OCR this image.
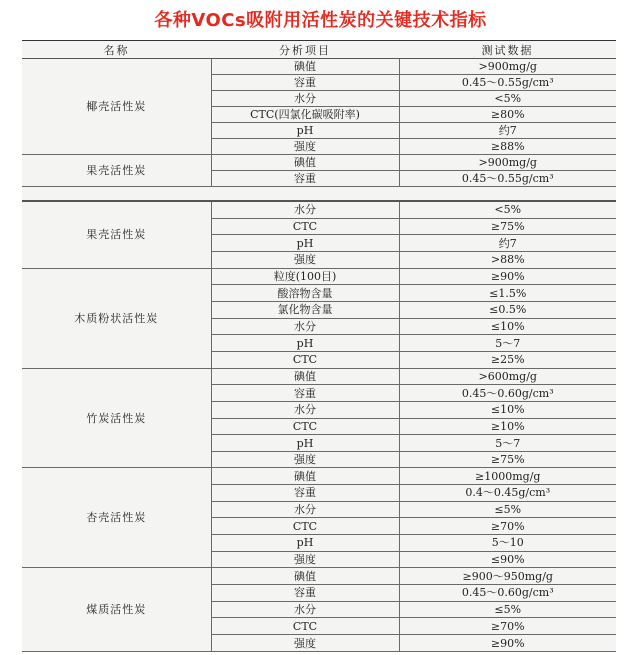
各种VOCs吸附用活性炭的关键技术指标
名称	分析项目	测试数据
椰壳活性炭	碘值	>900mg/g
	容重	0.45～0.55g/cm³
	水分	<5%
	CTC(四氯化碳吸附率)	≥80%
	pH	约7
	强度	≥88%
果壳活性炭	碘值	>900mg/g
	容重	0.45～0.55g/cm³
果壳活性炭	水分	<5%
	CTC	≥75%
	pH	约7
	强度	>88%
木质粉状活性炭	粒度(100目)	≥90%
	酸溶物含量	≤1.5%
	氯化物含量	≤0.5%
	水分	≤10%
	pH	5～7
	CTC	≥25%
竹炭活性炭	碘值	>600mg/g
	容重	0.45～0.60g/cm³
	水分	≤10%
	CTC	≥10%
	pH	5～7
	强度	≥75%
杏壳活性炭	碘值	≥1000mg/g
	容重	0.4～0.45g/cm³
	水分	≤5%
	CTC	≥70%
	pH	5～10
	强度	≤90%
煤质活性炭	碘值	≥900～950mg/g
	容重	0.45～0.60g/cm³
	水分	≤5%
	CTC	≥70%
	强度	≥90%
